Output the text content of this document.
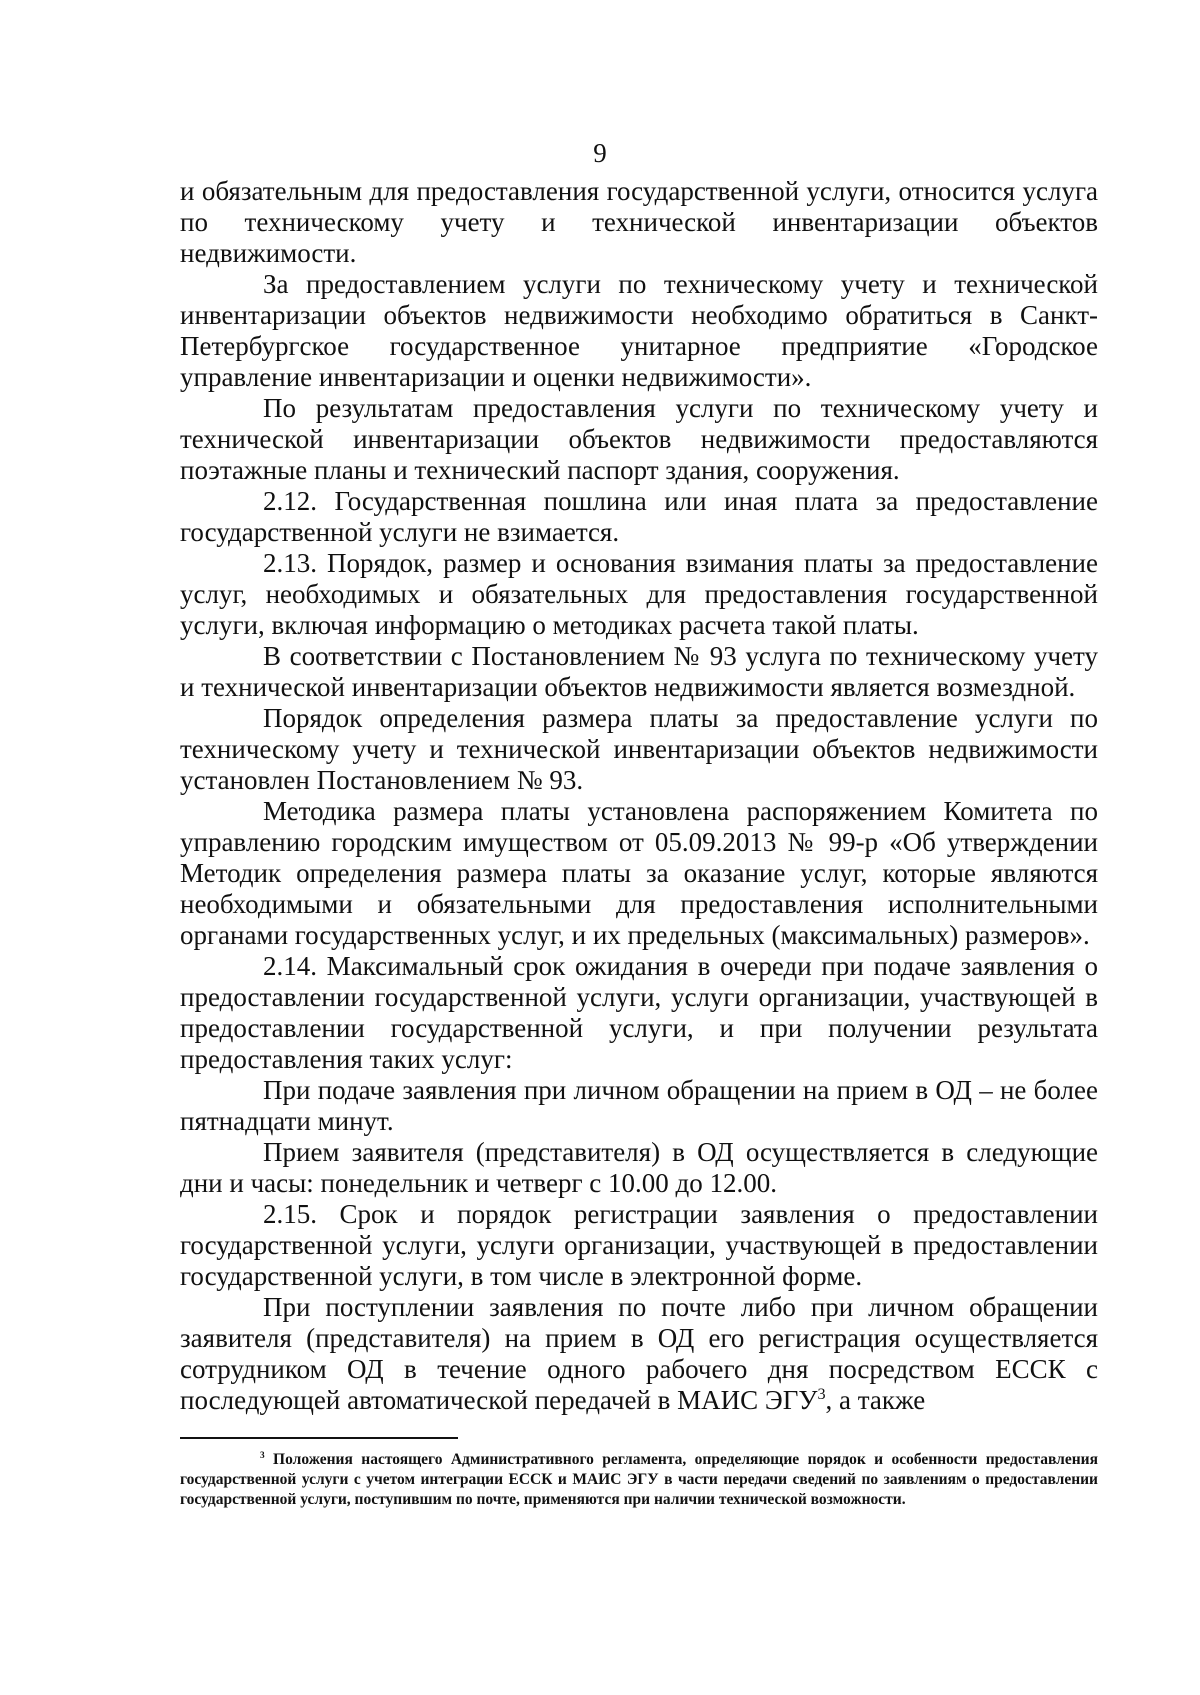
9

и обязательным для предоставления государственной услуги, относится услуга по техническому учету и технической инвентаризации объектов недвижимости.

За предоставлением услуги по техническому учету и технической инвентаризации объектов недвижимости необходимо обратиться в Санкт-Петербургское государственное унитарное предприятие «Городское управление инвентаризации и оценки недвижимости».

По результатам предоставления услуги по техническому учету и технической инвентаризации объектов недвижимости предоставляются поэтажные планы и технический паспорт здания, сооружения.

2.12. Государственная пошлина или иная плата за предоставление государственной услуги не взимается.

2.13. Порядок, размер и основания взимания платы за предоставление услуг, необходимых и обязательных для предоставления государственной услуги, включая информацию о методиках расчета такой платы.

В соответствии с Постановлением № 93 услуга по техническому учету и технической инвентаризации объектов недвижимости является возмездной.

Порядок определения размера платы за предоставление услуги по техническому учету и технической инвентаризации объектов недвижимости установлен Постановлением № 93.

Методика размера платы установлена распоряжением Комитета по управлению городским имуществом от 05.09.2013 № 99-р «Об утверждении Методик определения размера платы за оказание услуг, которые являются необходимыми и обязательными для предоставления исполнительными органами государственных услуг, и их предельных (максимальных) размеров».

2.14. Максимальный срок ожидания в очереди при подаче заявления о предоставлении государственной услуги, услуги организации, участвующей в предоставлении государственной услуги, и при получении результата предоставления таких услуг:

При подаче заявления при личном обращении на прием в ОД – не более пятнадцати минут.

Прием заявителя (представителя) в ОД осуществляется в следующие дни и часы: понедельник и четверг с 10.00 до 12.00.

2.15. Срок и порядок регистрации заявления о предоставлении государственной услуги, услуги организации, участвующей в предоставлении государственной услуги, в том числе в электронной форме.

При поступлении заявления по почте либо при личном обращении заявителя (представителя) на прием в ОД его регистрация осуществляется сотрудником ОД в течение одного рабочего дня посредством ЕССК с последующей автоматической передачей в МАИС ЭГУ$^3$, а также

$^3$ Положения настоящего Административного регламента, определяющие порядок и особенности предоставления государственной услуги с учетом интеграции ЕССК и МАИС ЭГУ в части передачи сведений по заявлениям о предоставлении государственной услуги, поступившим по почте, применяются при наличии технической возможности.
